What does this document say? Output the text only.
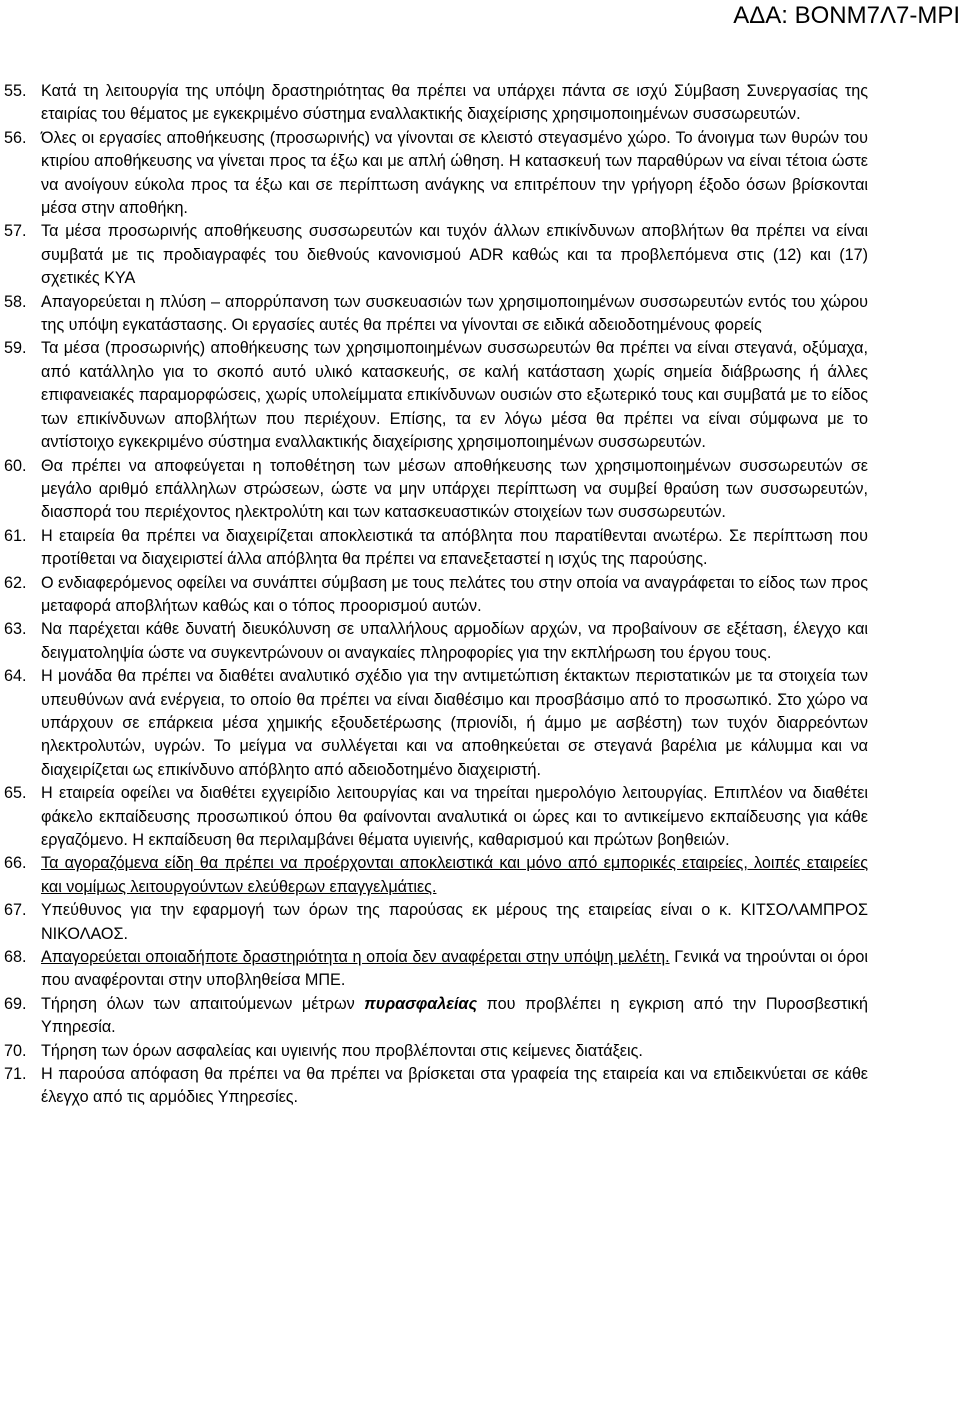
ΑΔΑ: ΒΟΝΜ7Λ7-ΜΡΙ

55. Κατά τη λειτουργία της υπόψη δραστηριότητας θα πρέπει να υπάρχει πάντα σε ισχύ Σύμβαση Συνεργασίας της εταιρίας του θέματος με εγκεκριμένο σύστημα εναλλακτικής διαχείρισης χρησιμοποιημένων συσσωρευτών.

56. Όλες οι εργασίες αποθήκευσης (προσωρινής) να γίνονται σε κλειστό στεγασμένο χώρο. Το άνοιγμα των θυρών του κτιρίου αποθήκευσης να γίνεται προς τα έξω και με απλή ώθηση. Η κατασκευή των παραθύρων να είναι τέτοια ώστε να ανοίγουν εύκολα προς τα έξω και σε περίπτωση ανάγκης να επιτρέπουν την γρήγορη έξοδο όσων βρίσκονται μέσα στην αποθήκη.

57. Τα μέσα προσωρινής αποθήκευσης συσσωρευτών και τυχόν άλλων επικίνδυνων αποβλήτων θα πρέπει να είναι συμβατά με τις προδιαγραφές του διεθνούς κανονισμού ADR καθώς και τα προβλεπόμενα στις (12) και (17) σχετικές ΚΥΑ

58. Απαγορεύεται η πλύση – απορρύπανση των συσκευασιών των χρησιμοποιημένων συσσωρευτών εντός του χώρου της υπόψη εγκατάστασης. Οι εργασίες αυτές θα πρέπει να γίνονται σε ειδικά αδειοδοτημένους φορείς

59. Τα μέσα (προσωρινής) αποθήκευσης των χρησιμοποιημένων συσσωρευτών θα πρέπει να είναι στεγανά, οξύμαχα, από κατάλληλο για το σκοπό αυτό υλικό κατασκευής, σε καλή κατάσταση χωρίς σημεία διάβρωσης ή άλλες επιφανειακές παραμορφώσεις, χωρίς υπολείμματα επικίνδυνων ουσιών στο εξωτερικό τους και συμβατά με το είδος των επικίνδυνων αποβλήτων που περιέχουν. Επίσης, τα εν λόγω μέσα θα πρέπει να είναι σύμφωνα με το αντίστοιχο εγκεκριμένο σύστημα εναλλακτικής διαχείρισης χρησιμοποιημένων συσσωρευτών.

60. Θα πρέπει να αποφεύγεται η τοποθέτηση των μέσων αποθήκευσης των χρησιμοποιημένων συσσωρευτών σε μεγάλο αριθμό επάλληλων στρώσεων, ώστε να μην υπάρχει περίπτωση να συμβεί θραύση των συσσωρευτών, διασπορά του περιέχοντος ηλεκτρολύτη και των κατασκευαστικών στοιχείων των συσσωρευτών.

61. Η εταιρεία θα πρέπει να διαχειρίζεται αποκλειστικά τα απόβλητα που παρατίθενται ανωτέρω. Σε περίπτωση που προτίθεται να διαχειριστεί άλλα απόβλητα θα πρέπει να επανεξεταστεί η ισχύς της παρούσης.

62. Ο ενδιαφερόμενος οφείλει να συνάπτει σύμβαση με τους πελάτες του στην οποία να αναγράφεται το είδος των προς μεταφορά αποβλήτων καθώς και ο τόπος προορισμού αυτών.

63. Να παρέχεται κάθε δυνατή διευκόλυνση σε υπαλλήλους αρμοδίων αρχών, να προβαίνουν σε εξέταση, έλεγχο και δειγματοληψία ώστε να συγκεντρώνουν οι αναγκαίες πληροφορίες για την εκπλήρωση του έργου τους.

64. Η μονάδα θα πρέπει να διαθέτει αναλυτικό σχέδιο για την αντιμετώπιση έκτακτων περιστατικών με τα στοιχεία των υπευθύνων ανά ενέργεια, το οποίο θα πρέπει να είναι διαθέσιμο και προσβάσιμο από το προσωπικό. Στο χώρο να υπάρχουν σε επάρκεια μέσα χημικής εξουδετέρωσης (πριονίδι, ή άμμο με ασβέστη) των τυχόν διαρρεόντων ηλεκτρολυτών, υγρών. Το μείγμα να συλλέγεται και να αποθηκεύεται σε στεγανά βαρέλια με κάλυμμα και να διαχειρίζεται ως επικίνδυνο απόβλητο από αδειοδοτημένο διαχειριστή.

65. Η εταιρεία οφείλει να διαθέτει εχγειρίδιο λειτουργίας και να τηρείται ημερολόγιο λειτουργίας. Επιπλέον να διαθέτει φάκελο εκπαίδευσης προσωπικού όπου θα φαίνονται αναλυτικά οι ώρες και το αντικείμενο εκπαίδευσης για κάθε εργαζόμενο. Η εκπαίδευση θα περιλαμβάνει θέματα υγιεινής, καθαρισμού και πρώτων βοηθειών.

66. Τα αγοραζόμενα είδη θα πρέπει να προέρχονται αποκλειστικά και μόνο από εμπορικές εταιρείες, λοιπές εταιρείες και νομίμως λειτουργούντων ελεύθερων επαγγελμάτιες.

67. Υπεύθυνος για την εφαρμογή των όρων της παρούσας εκ μέρους της εταιρείας είναι ο κ. ΚΙΤΣΟΛΑΜΠΡΟΣ ΝΙΚΟΛΑΟΣ.

68. Απαγορεύεται οποιαδήποτε δραστηριότητα η οποία δεν αναφέρεται στην υπόψη μελέτη. Γενικά να τηρούνται οι όροι που αναφέρονται στην υποβληθείσα ΜΠΕ.

69. Τήρηση όλων των απαιτούμενων μέτρων πυρασφαλείας που προβλέπει η εγκριση από την Πυροσβεστική Υπηρεσία.

70. Τήρηση των όρων ασφαλείας και υγιεινής που προβλέπονται στις κείμενες διατάξεις.

71. Η παρούσα απόφαση θα πρέπει να θα πρέπει να βρίσκεται στα γραφεία της εταιρεία και να επιδεικνύεται σε κάθε έλεγχο από τις αρμόδιες Υπηρεσίες.
